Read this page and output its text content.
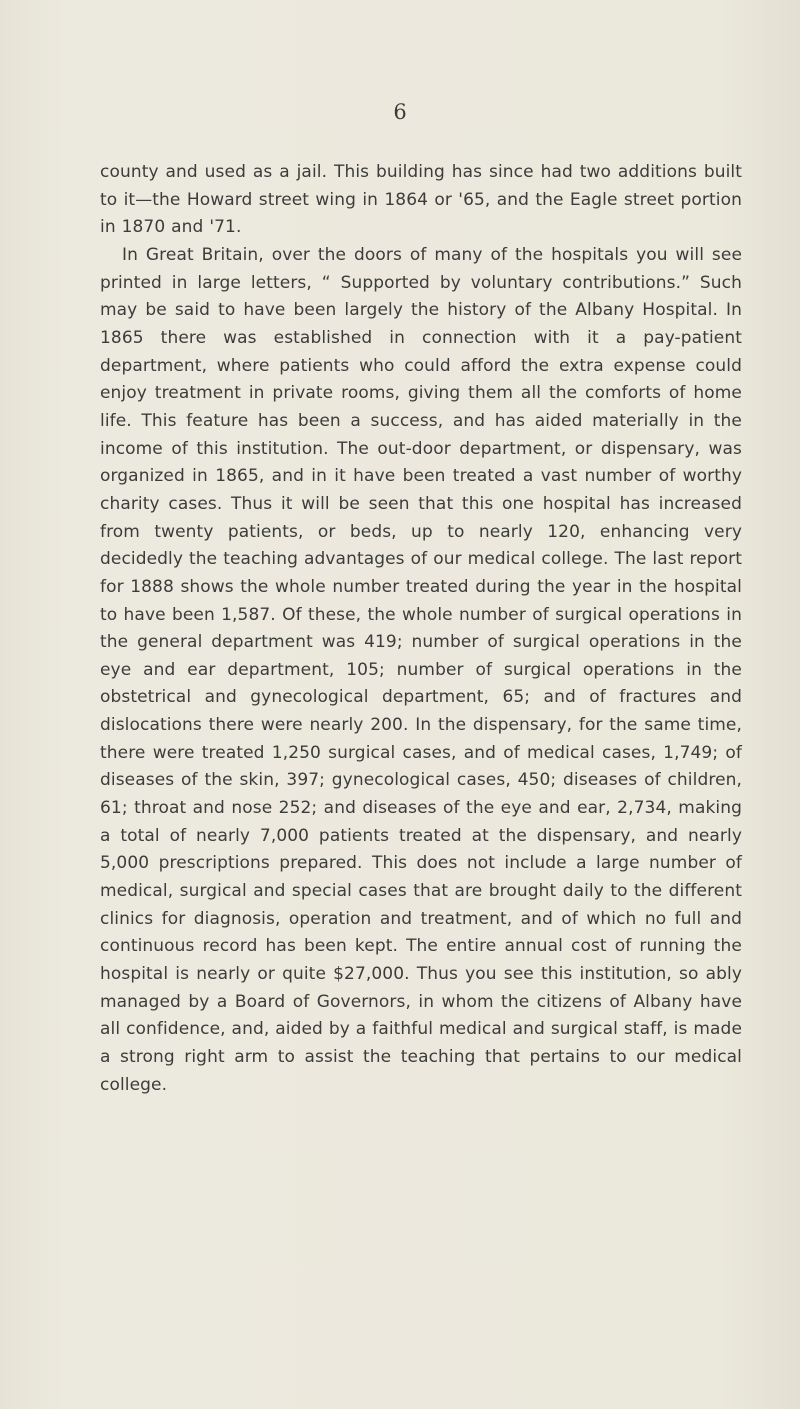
6

county and used as a jail. This building has since had two additions built to it—the Howard street wing in 1864 or '65, and the Eagle street portion in 1870 and '71.

In Great Britain, over the doors of many of the hospitals you will see printed in large letters, “ Supported by voluntary contributions.” Such may be said to have been largely the history of the Albany Hospital. In 1865 there was established in connection with it a pay-patient department, where patients who could afford the extra expense could enjoy treatment in private rooms, giving them all the comforts of home life. This feature has been a success, and has aided materially in the income of this institution. The out-door department, or dispensary, was organized in 1865, and in it have been treated a vast number of worthy charity cases. Thus it will be seen that this one hospital has increased from twenty patients, or beds, up to nearly 120, enhancing very decidedly the teaching advantages of our medical college. The last report for 1888 shows the whole number treated during the year in the hospital to have been 1,587. Of these, the whole number of surgical operations in the general department was 419; number of surgical operations in the eye and ear department, 105; number of surgical operations in the obstetrical and gynecological department, 65; and of fractures and dislocations there were nearly 200. In the dispensary, for the same time, there were treated 1,250 surgical cases, and of medical cases, 1,749; of diseases of the skin, 397; gynecological cases, 450; diseases of children, 61; throat and nose 252; and diseases of the eye and ear, 2,734, making a total of nearly 7,000 patients treated at the dispensary, and nearly 5,000 prescriptions prepared. This does not include a large number of medical, surgical and special cases that are brought daily to the different clinics for diagnosis, operation and treatment, and of which no full and continuous record has been kept. The entire annual cost of running the hospital is nearly or quite $27,000. Thus you see this institution, so ably managed by a Board of Governors, in whom the citizens of Albany have all confidence, and, aided by a faithful medical and surgical staff, is made a strong right arm to assist the teaching that pertains to our medical college.
